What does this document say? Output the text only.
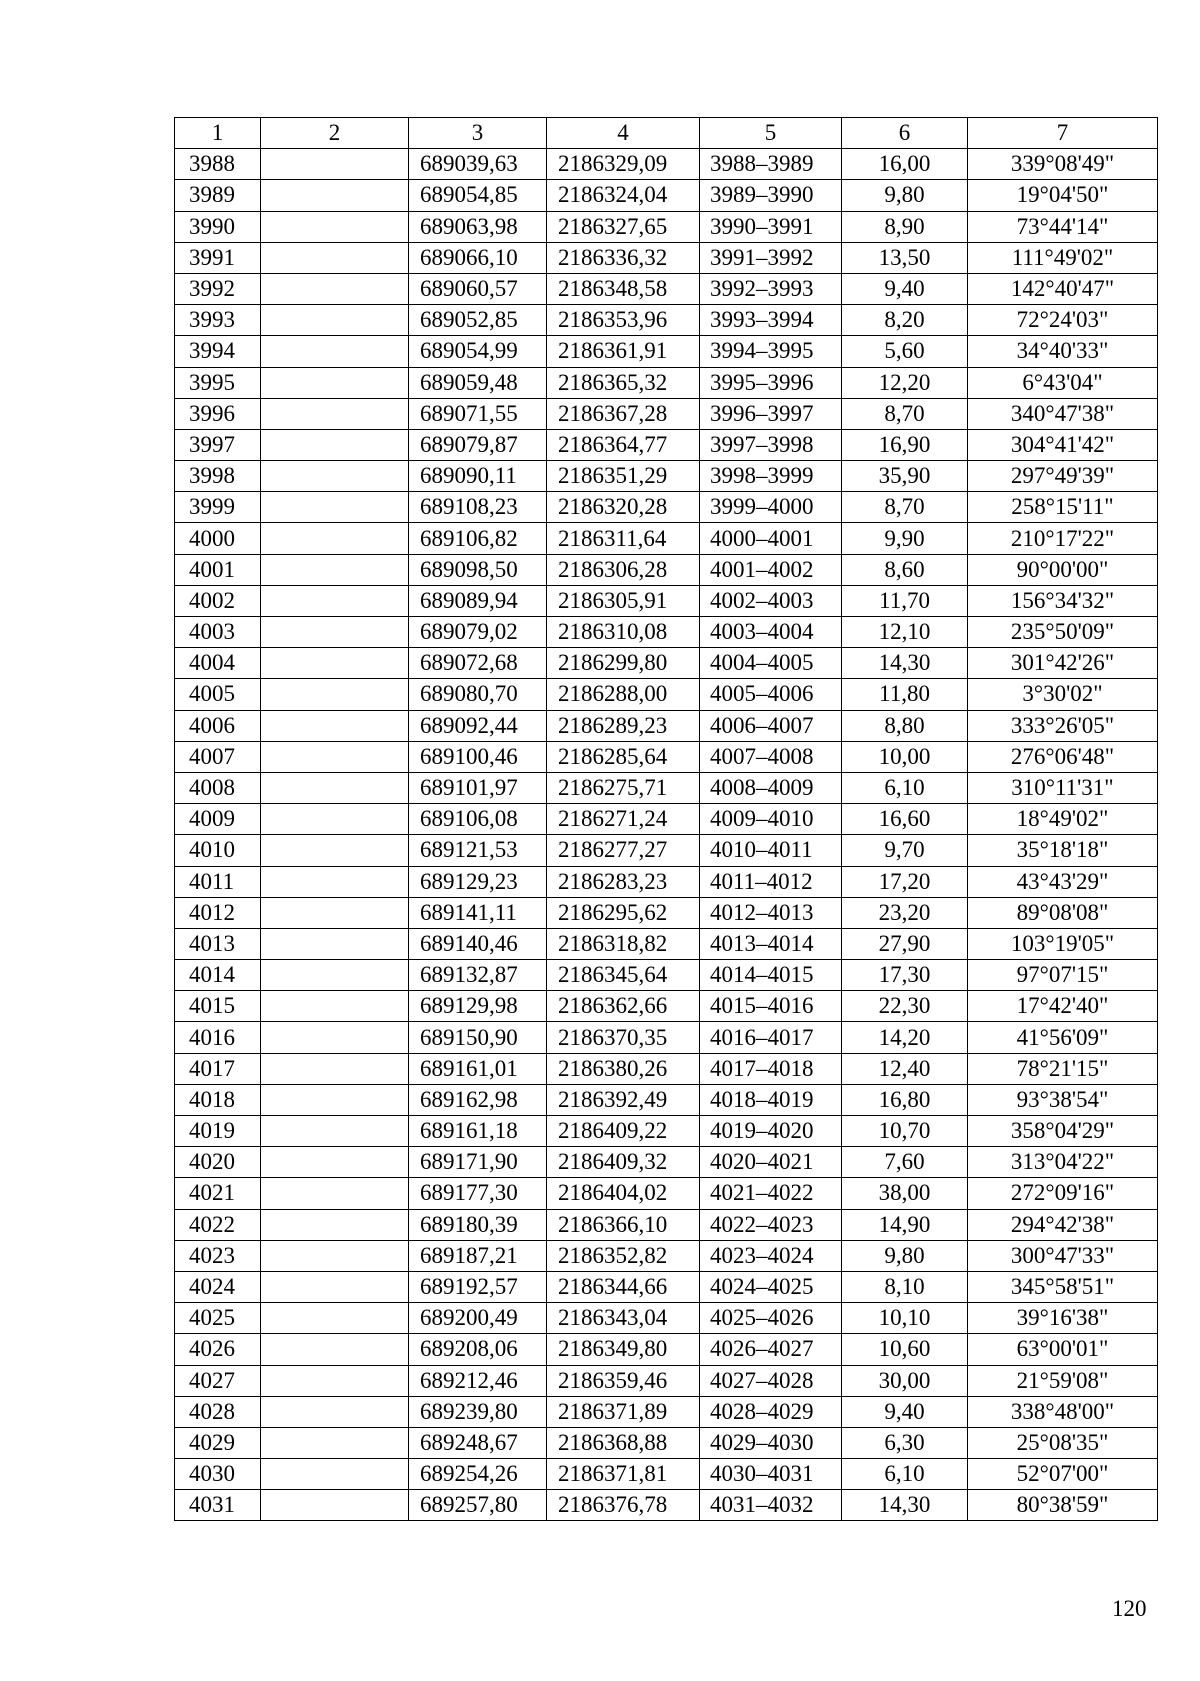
1	2	3	4	5	6	7
3988		689039,63	2186329,09	3988–3989	16,00	339°08'49"
3989		689054,85	2186324,04	3989–3990	9,80	19°04'50"
3990		689063,98	2186327,65	3990–3991	8,90	73°44'14"
3991		689066,10	2186336,32	3991–3992	13,50	111°49'02"
3992		689060,57	2186348,58	3992–3993	9,40	142°40'47"
3993		689052,85	2186353,96	3993–3994	8,20	72°24'03"
3994		689054,99	2186361,91	3994–3995	5,60	34°40'33"
3995		689059,48	2186365,32	3995–3996	12,20	6°43'04"
3996		689071,55	2186367,28	3996–3997	8,70	340°47'38"
3997		689079,87	2186364,77	3997–3998	16,90	304°41'42"
3998		689090,11	2186351,29	3998–3999	35,90	297°49'39"
3999		689108,23	2186320,28	3999–4000	8,70	258°15'11"
4000		689106,82	2186311,64	4000–4001	9,90	210°17'22"
4001		689098,50	2186306,28	4001–4002	8,60	90°00'00"
4002		689089,94	2186305,91	4002–4003	11,70	156°34'32"
4003		689079,02	2186310,08	4003–4004	12,10	235°50'09"
4004		689072,68	2186299,80	4004–4005	14,30	301°42'26"
4005		689080,70	2186288,00	4005–4006	11,80	3°30'02"
4006		689092,44	2186289,23	4006–4007	8,80	333°26'05"
4007		689100,46	2186285,64	4007–4008	10,00	276°06'48"
4008		689101,97	2186275,71	4008–4009	6,10	310°11'31"
4009		689106,08	2186271,24	4009–4010	16,60	18°49'02"
4010		689121,53	2186277,27	4010–4011	9,70	35°18'18"
4011		689129,23	2186283,23	4011–4012	17,20	43°43'29"
4012		689141,11	2186295,62	4012–4013	23,20	89°08'08"
4013		689140,46	2186318,82	4013–4014	27,90	103°19'05"
4014		689132,87	2186345,64	4014–4015	17,30	97°07'15"
4015		689129,98	2186362,66	4015–4016	22,30	17°42'40"
4016		689150,90	2186370,35	4016–4017	14,20	41°56'09"
4017		689161,01	2186380,26	4017–4018	12,40	78°21'15"
4018		689162,98	2186392,49	4018–4019	16,80	93°38'54"
4019		689161,18	2186409,22	4019–4020	10,70	358°04'29"
4020		689171,90	2186409,32	4020–4021	7,60	313°04'22"
4021		689177,30	2186404,02	4021–4022	38,00	272°09'16"
4022		689180,39	2186366,10	4022–4023	14,90	294°42'38"
4023		689187,21	2186352,82	4023–4024	9,80	300°47'33"
4024		689192,57	2186344,66	4024–4025	8,10	345°58'51"
4025		689200,49	2186343,04	4025–4026	10,10	39°16'38"
4026		689208,06	2186349,80	4026–4027	10,60	63°00'01"
4027		689212,46	2186359,46	4027–4028	30,00	21°59'08"
4028		689239,80	2186371,89	4028–4029	9,40	338°48'00"
4029		689248,67	2186368,88	4029–4030	6,30	25°08'35"
4030		689254,26	2186371,81	4030–4031	6,10	52°07'00"
4031		689257,80	2186376,78	4031–4032	14,30	80°38'59"
120
